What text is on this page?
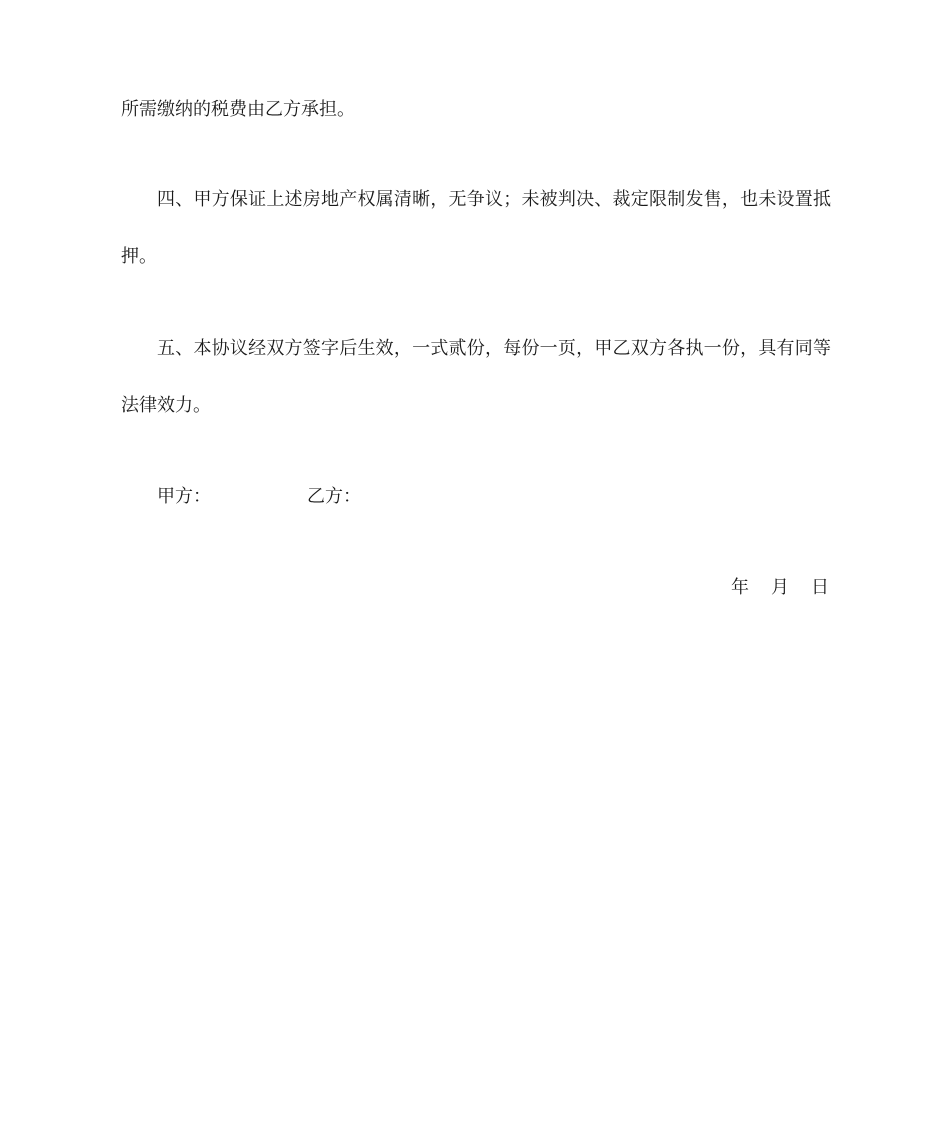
所需缴纳的税费由乙方承担。
四、甲方保证上述房地产权属清晰，无争议；未被判决、裁定限制发售，也未设置抵
押。
五、本协议经双方签字后生效，一式贰份，每份一页，甲乙双方各执一份，具有同等
法律效力。
甲方：	乙方：
年 月 日
